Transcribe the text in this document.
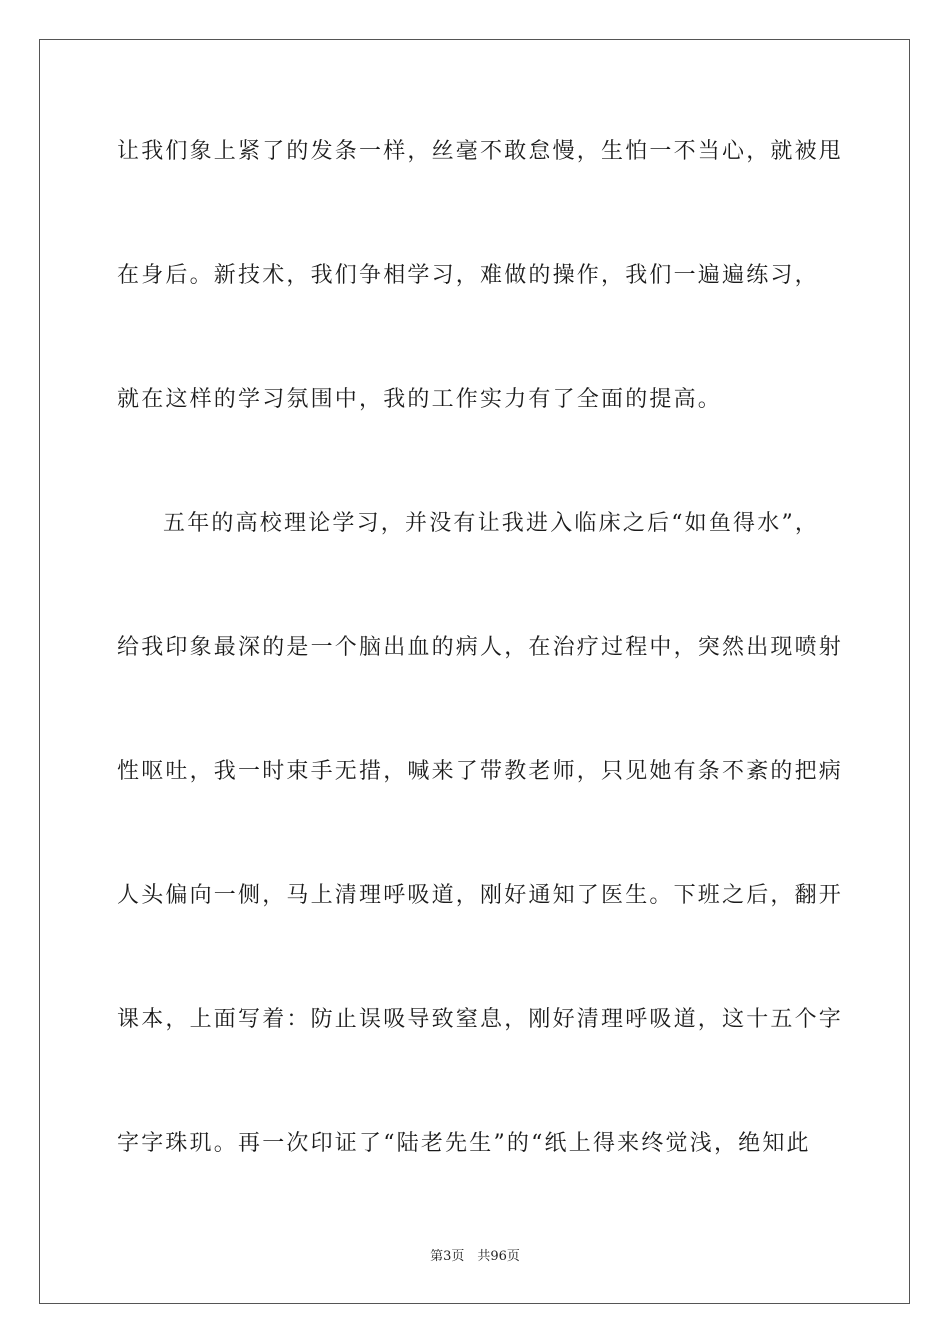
让我们象上紧了的发条一样，丝毫不敢怠慢，生怕一不当心，就被甩
在身后。新技术，我们争相学习，难做的操作，我们一遍遍练习，
就在这样的学习氛围中，我的工作实力有了全面的提高。
五年的高校理论学习，并没有让我进入临床之后“如鱼得水”，
给我印象最深的是一个脑出血的病人，在治疗过程中，突然出现喷射
性呕吐，我一时束手无措，喊来了带教老师，只见她有条不紊的把病
人头偏向一侧，马上清理呼吸道，刚好通知了医生。下班之后，翻开
课本，上面写着：防止误吸导致窒息，刚好清理呼吸道，这十五个字
字字珠玑。再一次印证了“陆老先生”的“纸上得来终觉浅，绝知此
第3页　共96页
